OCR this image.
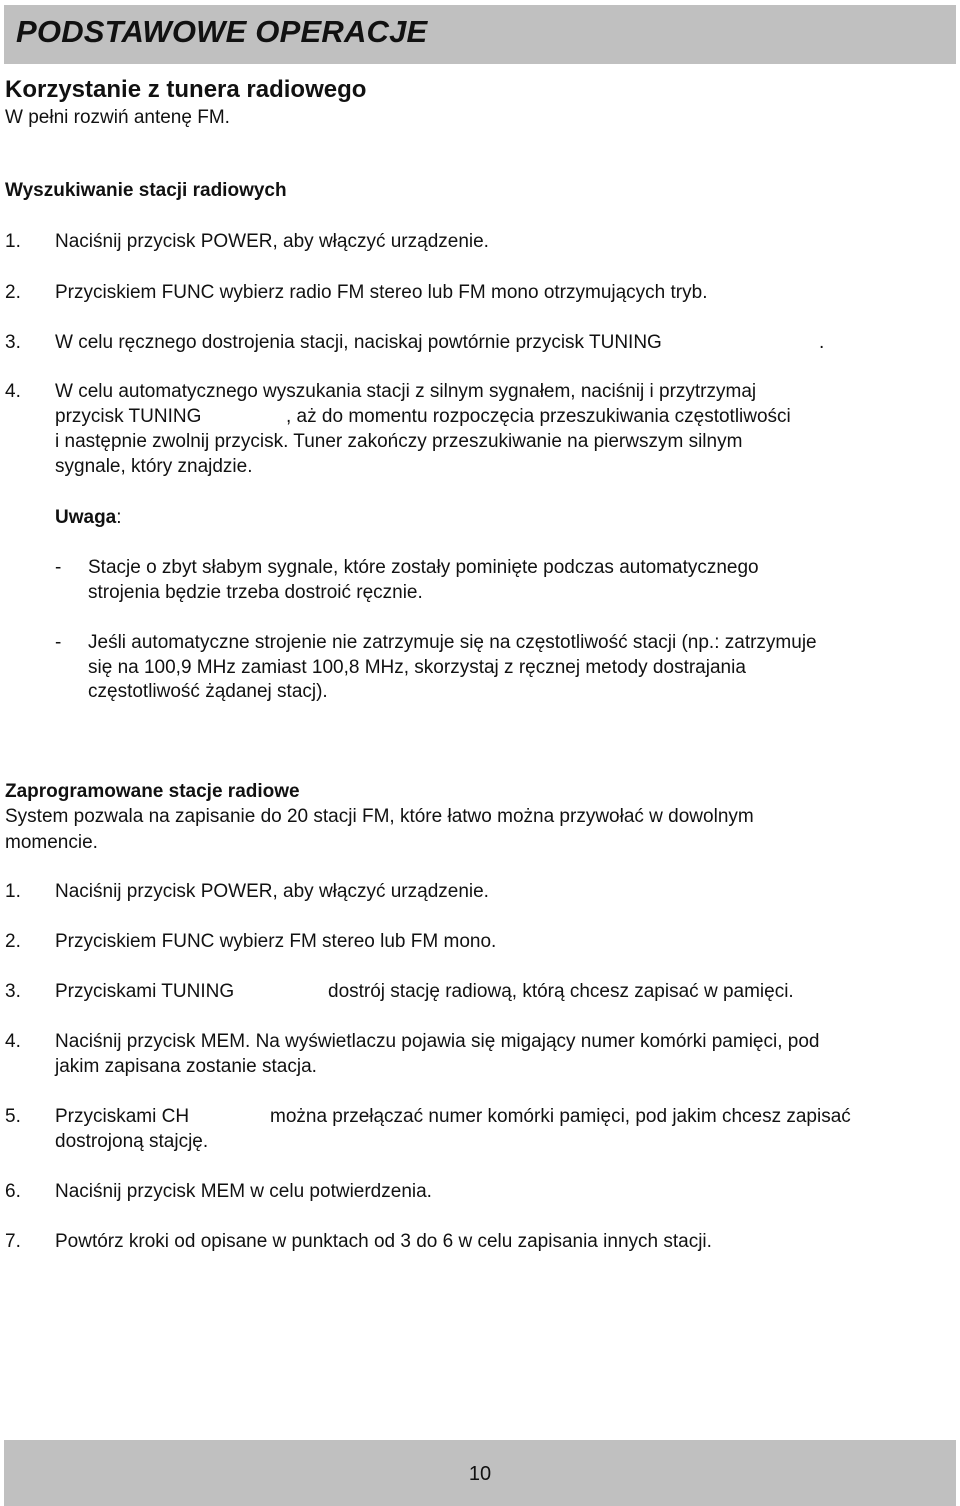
PODSTAWOWE OPERACJE
Korzystanie z tunera radiowego
W pełni rozwiń antenę FM.
Wyszukiwanie stacji radiowych
1. Naciśnij przycisk POWER, aby włączyć urządzenie.
2. Przyciskiem FUNC wybierz radio FM stereo lub FM mono otrzymujących tryb.
3. W celu ręcznego dostrojenia stacji, naciskaj powtórnie przycisk TUNING	.
4. W celu automatycznego wyszukania stacji z silnym sygnałem, naciśnij i przytrzymaj
przycisk TUNING	, aż do momentu rozpoczęcia przeszukiwania częstotliwości
i następnie zwolnij przycisk. Tuner zakończy przeszukiwanie na pierwszym silnym
sygnale, który znajdzie.
Uwaga:
- Stacje o zbyt słabym sygnale, które zostały pominięte podczas automatycznego
strojenia będzie trzeba dostroić ręcznie.
- Jeśli automatyczne strojenie nie zatrzymuje się na częstotliwość stacji (np.: zatrzymuje
się na 100,9 MHz zamiast 100,8 MHz, skorzystaj z ręcznej metody dostrajania
częstotliwość żądanej stacj).
Zaprogramowane stacje radiowe
System pozwala na zapisanie do 20 stacji FM, które łatwo można przywołać w dowolnym
momencie.
1. Naciśnij przycisk POWER, aby włączyć urządzenie.
2. Przyciskiem FUNC wybierz FM stereo lub FM mono.
3. Przyciskami TUNING	dostrój stację radiową, którą chcesz zapisać w pamięci.
4. Naciśnij przycisk MEM. Na wyświetlaczu pojawia się migający numer komórki pamięci, pod
jakim zapisana zostanie stacja.
5. Przyciskami CH	można przełączać numer komórki pamięci, pod jakim chcesz zapisać
dostrojoną stajcję.
6. Naciśnij przycisk MEM w celu potwierdzenia.
7. Powtórz kroki od opisane w punktach od 3 do 6 w celu zapisania innych stacji.
10
